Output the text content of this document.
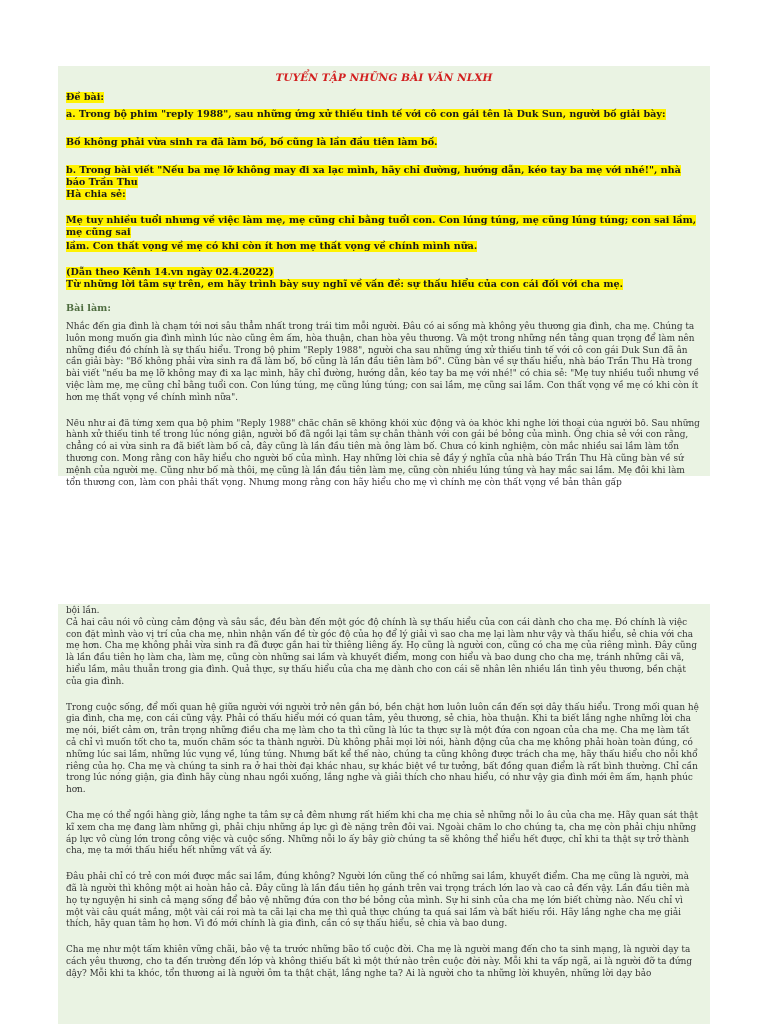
TUYỂN TẬP NHỮNG BÀI VĂN NLXH

Đề bài:

a. Trong bộ phim "reply 1988", sau những ứng xử thiếu tinh tế với cô con gái tên là Duk Sun, người bố giải bày:

Bố không phải vừa sinh ra đã làm bố, bố cũng là lần đầu tiên làm bố.

b. Trong bài viết "Nếu ba mẹ lỡ không may đi xa lạc mình, hãy chỉ đường, hướng dẫn, kéo tay ba mẹ với nhé!", nhà báo Trần Thu

Hà chia sẻ:

Mẹ tuy nhiều tuổi nhưng về việc làm mẹ, mẹ cũng chỉ bằng tuổi con. Con lúng túng, mẹ cũng lúng túng; con sai lầm, mẹ cũng sai

lầm. Con thất vọng về mẹ có khi còn ít hơn mẹ thất vọng về chính mình nữa.

(Dẫn theo Kênh 14.vn ngày 02.4.2022)

Từ những lời tâm sự trên, em hãy trình bày suy nghĩ về vấn đề: sự thấu hiểu của con cái đối với cha mẹ.

Bài làm:

Nhắc đến gia đình là chạm tới nơi sâu thẳm nhất trong trái tim mỗi người. Đâu có ai sống mà không yêu thương gia đình, cha mẹ. Chúng ta luôn mong muốn gia đình mình lúc nào cũng êm ấm, hòa thuận, chan hòa yêu thương. Và một trong những nền tảng quan trọng để làm nên những điều đó chính là sự thấu hiểu. Trong bộ phim "Reply 1988", người cha sau những ứng xử thiếu tinh tế với cô con gái Duk Sun đã ân cần giải bày: "Bố không phải vừa sinh ra đã làm bố, bố cũng là lần đầu tiên làm bố". Cũng bàn về sự thấu hiểu, nhà báo Trần Thu Hà trong bài viết "nếu ba mẹ lỡ không may đi xa lạc mình, hãy chỉ đường, hướng dẫn, kéo tay ba mẹ với nhé!" có chia sẻ: "Mẹ tuy nhiều tuổi nhưng về việc làm mẹ, mẹ cũng chỉ bằng tuổi con. Con lúng túng, mẹ cũng lúng túng; con sai lầm, mẹ cũng sai lầm. Con thất vọng về mẹ có khi còn ít hơn mẹ thất vọng về chính mình nữa".

Nếu như ai đã từng xem qua bộ phim "Reply 1988" chắc chắn sẽ không khỏi xúc động và òa khóc khi nghe lời thoại của người bố. Sau những hành xử thiếu tinh tế trong lúc nóng giận, người bố đã ngồi lại tâm sự chân thành với con gái bé bỏng của mình. Ông chia sẻ với con rằng, chẳng có ai vừa sinh ra đã biết làm bố cả, đây cũng là lần đầu tiên mà ông làm bố. Chưa có kinh nghiệm, còn mắc nhiều sai lầm làm tổn thương con. Mong rằng con hãy hiểu cho người bố của mình. Hay những lời chia sẻ đầy ý nghĩa của nhà báo Trần Thu Hà cũng bàn về sứ mệnh của người mẹ. Cũng như bố mà thôi, mẹ cũng là lần đầu tiên làm mẹ, cũng còn nhiều lúng túng và hay mắc sai lầm. Mẹ đôi khi làm tổn thương con, làm con phải thất vọng. Nhưng mong rằng con hãy hiểu cho mẹ vì chính mẹ còn thất vọng về bản thân gấp

bội lần.

Cả hai câu nói vô cùng cảm động và sâu sắc, đều bàn đến một góc độ chính là sự thấu hiểu của con cái dành cho cha mẹ. Đó chính là việc con đặt mình vào vị trí của cha mẹ, nhìn nhận vấn đề từ góc độ của họ để lý giải vì sao cha mẹ lại làm như vậy và thấu hiểu, sẻ chia với cha mẹ hơn. Cha mẹ không phải vừa sinh ra đã được gắn hai từ thiêng liêng ấy. Họ cũng là người con, cũng có cha mẹ của riêng mình. Đây cũng là lần đầu tiên họ làm cha, làm mẹ, cũng còn những sai lầm và khuyết điểm, mong con hiểu và bao dung cho cha mẹ, tránh những cãi vã, hiểu lầm, mâu thuẫn trong gia đình. Quả thực, sự thấu hiểu của cha mẹ dành cho con cái sẽ nhân lên nhiều lần tình yêu thương, bền chặt của gia đình.

Trong cuộc sống, để mối quan hệ giữa người với người trở nên gắn bó, bền chặt hơn luôn luôn cần đến sợi dây thấu hiểu. Trong mối quan hệ gia đình, cha mẹ, con cái cũng vậy. Phải có thấu hiểu mới có quan tâm, yêu thương, sẻ chia, hòa thuận. Khi ta biết lắng nghe những lời cha mẹ nói, biết cảm ơn, trân trọng những điều cha mẹ làm cho ta thì cũng là lúc ta thực sự là một đứa con ngoan của cha mẹ. Cha mẹ làm tất cả chỉ vì muốn tốt cho ta, muốn chăm sóc ta thành người. Dù không phải mọi lời nói, hành động của cha mẹ không phải hoàn toàn đúng, có những lúc sai lầm, những lúc vụng về, lúng túng. Nhưng bất kể thế nào, chúng ta cũng không được trách cha mẹ, hãy thấu hiểu cho nỗi khổ riêng của họ. Cha mẹ và chúng ta sinh ra ở hai thời đại khác nhau, sự khác biệt về tư tưởng, bất đồng quan điểm là rất bình thường. Chỉ cần trong lúc nóng giận, gia đình hãy cùng nhau ngồi xuống, lắng nghe và giải thích cho nhau hiểu, có như vậy gia đình mới êm ấm, hạnh phúc hơn.

Cha mẹ có thể ngồi hàng giờ, lắng nghe ta tâm sự cả đêm nhưng rất hiếm khi cha mẹ chia sẻ những nỗi lo âu của cha mẹ. Hãy quan sát thật kĩ xem cha mẹ đang làm những gì, phải chịu những áp lực gì đè nặng trên đôi vai. Ngoài chăm lo cho chúng ta, cha mẹ còn phải chịu những áp lực vô cùng lớn trong công việc và cuộc sống. Những nỗi lo ấy bây giờ chúng ta sẽ không thể hiểu hết được, chỉ khi ta thật sự trở thành cha, mẹ ta mới thấu hiểu hết những vất vả ấy.

Đâu phải chỉ có trẻ con mới được mắc sai lầm, đúng không? Người lớn cũng thế có những sai lầm, khuyết điểm. Cha mẹ cũng là người, mà đã là người thì không một ai hoàn hảo cả. Đây cũng là lần đầu tiên họ gánh trên vai trọng trách lớn lao và cao cả đến vậy. Lần đầu tiên mà họ tự nguyện hi sinh cả mạng sống để bảo vệ những đứa con thơ bé bỏng của mình. Sự hi sinh của cha mẹ lớn biết chừng nào. Nếu chỉ vì một vài câu quát mắng, một vài cái roi mà ta cãi lại cha mẹ thì quả thực chúng ta quá sai lầm và bất hiếu rồi. Hãy lắng nghe cha mẹ giải thích, hãy quan tâm họ hơn. Vì đó mới chính là gia đình, cần có sự thấu hiểu, sẻ chia và bao dung.

Cha mẹ như một tấm khiên vững chãi, bảo vệ ta trước những bão tố cuộc đời. Cha mẹ là người mang đến cho ta sinh mạng, là người dạy ta cách yêu thương, cho ta đến trường đến lớp và không thiếu bất kì một thứ nào trên cuộc đời này. Mỗi khi ta vấp ngã, ai là người đỡ ta đứng dậy? Mỗi khi ta khóc, tổn thương ai là người ôm ta thật chặt, lắng nghe ta? Ai là người cho ta những lời khuyên, những lời dạy bảo
